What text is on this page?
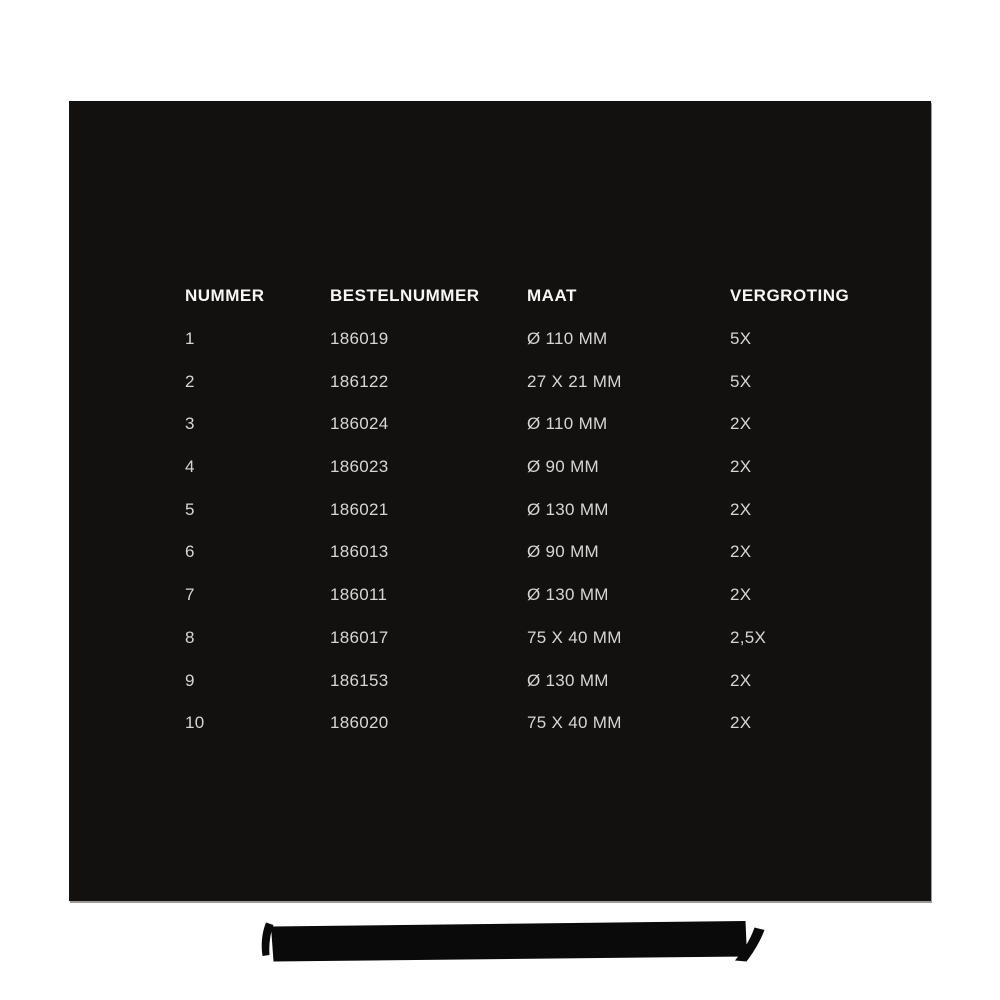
NUMMER	BESTELNUMMER	MAAT	VERGROTING
1	186019	Ø 110 MM	5X
2	186122	27 X 21 MM	5X
3	186024	Ø 110 MM	2X
4	186023	Ø 90 MM	2X
5	186021	Ø 130 MM	2X
6	186013	Ø 90 MM	2X
7	186011	Ø 130 MM	2X
8	186017	75 X 40 MM	2,5X
9	186153	Ø 130 MM	2X
10	186020	75 X 40 MM	2X
